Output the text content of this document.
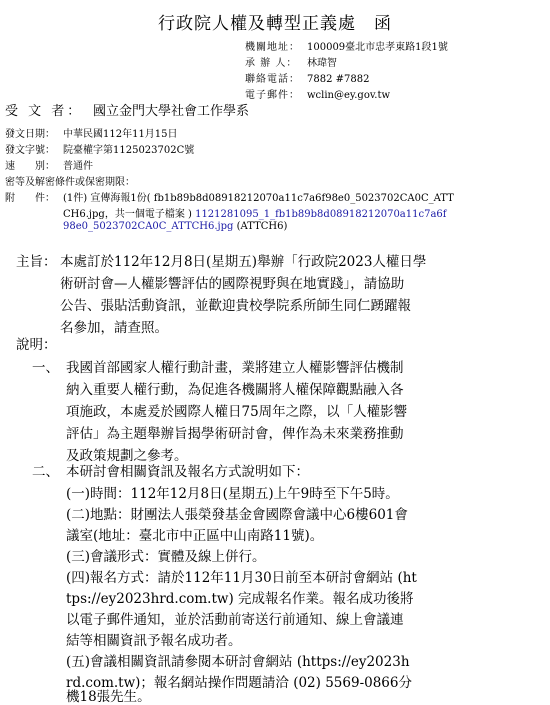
行政院人權及轉型正義處　函
機關地址： 100009臺北市忠孝東路1段1號
承 辦 人： 林瑋智
聯絡電話： 7882 #7882
電子郵件： wclin@ey.gov.tw
受 文 者： 國立金門大學社會工作學系
發文日期： 中華民國112年11月15日
發文字號： 院臺權字第1125023702C號
速　　別： 普通件
密等及解密條件或保密期限：
附　　件： (1件) 宣傳海報1份( fb1b89b8d08918212070a11c7a6f98e0_5023702CA0C_ATT
CH6.jpg，共一個電子檔案 ) 1121281095_1_fb1b89b8d08918212070a11c7a6f
98e0_5023702CA0C_ATTCH6.jpg (ATTCH6)
主旨： 本處訂於112年12月8日(星期五)舉辦「行政院2023人權日學
術研討會—人權影響評估的國際視野與在地實踐」，請協助
公告、張貼活動資訊，並歡迎貴校學院系所師生同仁踴躍報
名參加，請查照。
說明：
一、 我國首部國家人權行動計畫，業將建立人權影響評估機制
納入重要人權行動，為促進各機關將人權保障觀點融入各
項施政，本處爰於國際人權日75周年之際，以「人權影響
評估」為主題舉辦旨揭學術研討會，俾作為未來業務推動
及政策規劃之參考。
二、 本研討會相關資訊及報名方式說明如下：
(一)時間：112年12月8日(星期五)上午9時至下午5時。
(二)地點：財團法人張榮發基金會國際會議中心6樓601會
議室(地址：臺北市中正區中山南路11號)。
(三)會議形式：實體及線上併行。
(四)報名方式：請於112年11月30日前至本研討會網站 (ht
tps://ey2023hrd.com.tw) 完成報名作業。報名成功後將
以電子郵件通知，並於活動前寄送行前通知、線上會議連
結等相關資訊予報名成功者。
(五)會議相關資訊請參閱本研討會網站 (https://ey2023h
rd.com.tw)；報名網站操作問題請洽 (02) 5569-0866分
機18張先生。
